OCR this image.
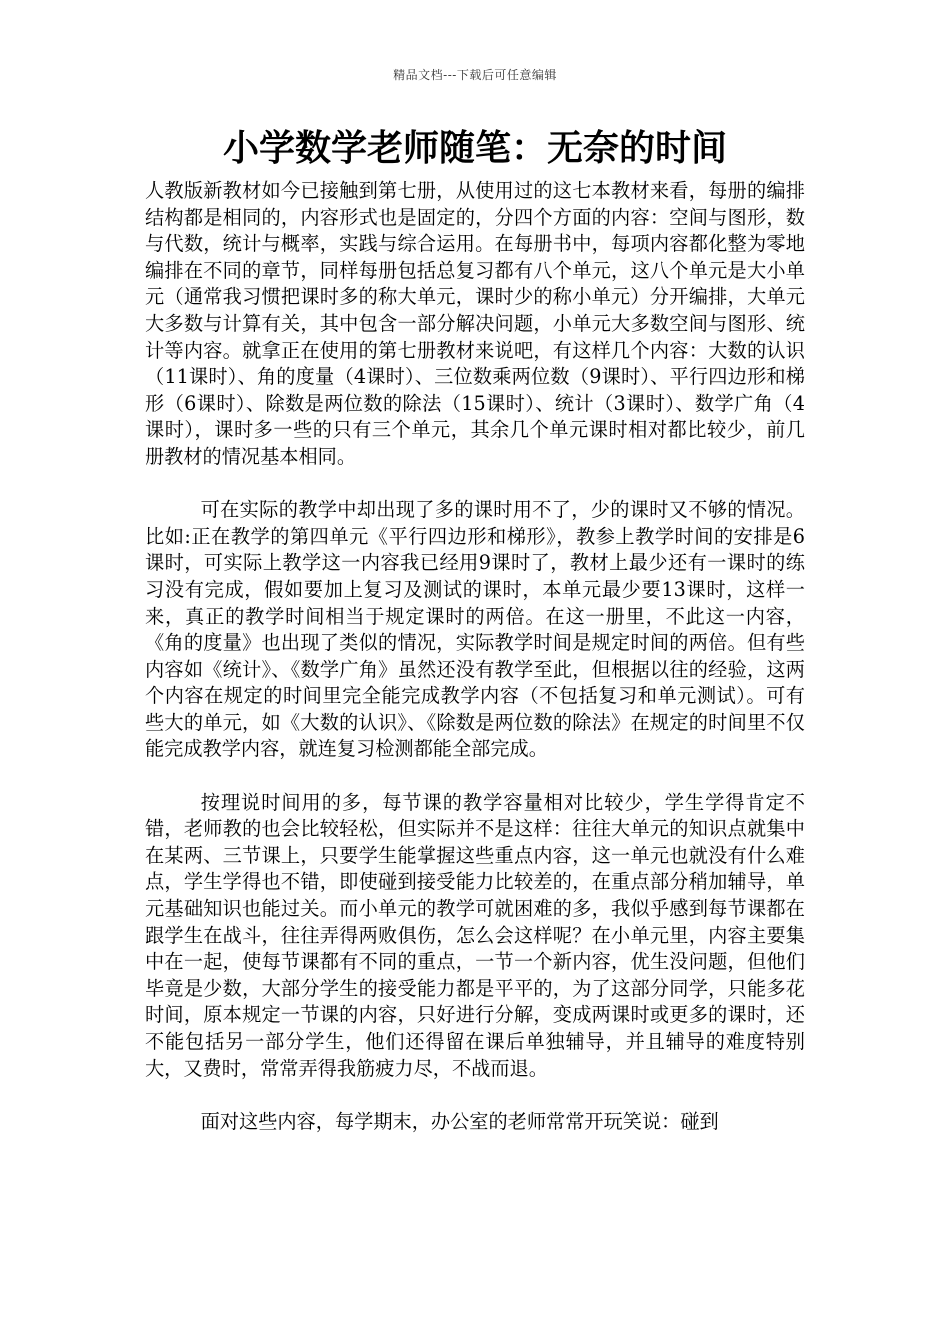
精品文档---下载后可任意编辑
小学数学老师随笔：无奈的时间

人教版新教材如今已接触到第七册，从使用过的这七本教材来看，每册的编排结构都是相同的，内容形式也是固定的，分四个方面的内容：空间与图形，数与代数，统计与概率，实践与综合运用。在每册书中，每项内容都化整为零地编排在不同的章节，同样每册包括总复习都有八个单元，这八个单元是大小单元（通常我习惯把课时多的称大单元，课时少的称小单元）分开编排，大单元大多数与计算有关，其中包含一部分解决问题，小单元大多数空间与图形、统计等内容。就拿正在使用的第七册教材来说吧，有这样几个内容：大数的认识（11课时）、角的度量（4课时）、三位数乘两位数（9课时）、平行四边形和梯形（6课时）、除数是两位数的除法（15课时）、统计（3课时）、数学广角（4课时），课时多一些的只有三个单元，其余几个单元课时相对都比较少，前几册教材的情况基本相同。

可在实际的教学中却出现了多的课时用不了，少的课时又不够的情况。比如:正在教学的第四单元《平行四边形和梯形》，教参上教学时间的安排是6课时，可实际上教学这一内容我已经用9课时了，教材上最少还有一课时的练习没有完成，假如要加上复习及测试的课时，本单元最少要13课时，这样一来，真正的教学时间相当于规定课时的两倍。在这一册里，不此这一内容，《角的度量》也出现了类似的情况，实际教学时间是规定时间的两倍。但有些内容如《统计》、《数学广角》虽然还没有教学至此，但根据以往的经验，这两个内容在规定的时间里完全能完成教学内容（不包括复习和单元测试）。可有些大的单元，如《大数的认识》、《除数是两位数的除法》在规定的时间里不仅能完成教学内容，就连复习检测都能全部完成。

按理说时间用的多，每节课的教学容量相对比较少，学生学得肯定不错，老师教的也会比较轻松，但实际并不是这样：往往大单元的知识点就集中在某两、三节课上，只要学生能掌握这些重点内容，这一单元也就没有什么难点，学生学得也不错，即使碰到接受能力比较差的，在重点部分稍加辅导，单元基础知识也能过关。而小单元的教学可就困难的多，我似乎感到每节课都在跟学生在战斗，往往弄得两败俱伤，怎么会这样呢？在小单元里，内容主要集中在一起，使每节课都有不同的重点，一节一个新内容，优生没问题，但他们毕竟是少数，大部分学生的接受能力都是平平的，为了这部分同学，只能多花时间，原本规定一节课的内容，只好进行分解，变成两课时或更多的课时，还不能包括另一部分学生，他们还得留在课后单独辅导，并且辅导的难度特别大，又费时，常常弄得我筋疲力尽，不战而退。

面对这些内容，每学期末，办公室的老师常常开玩笑说：碰到
